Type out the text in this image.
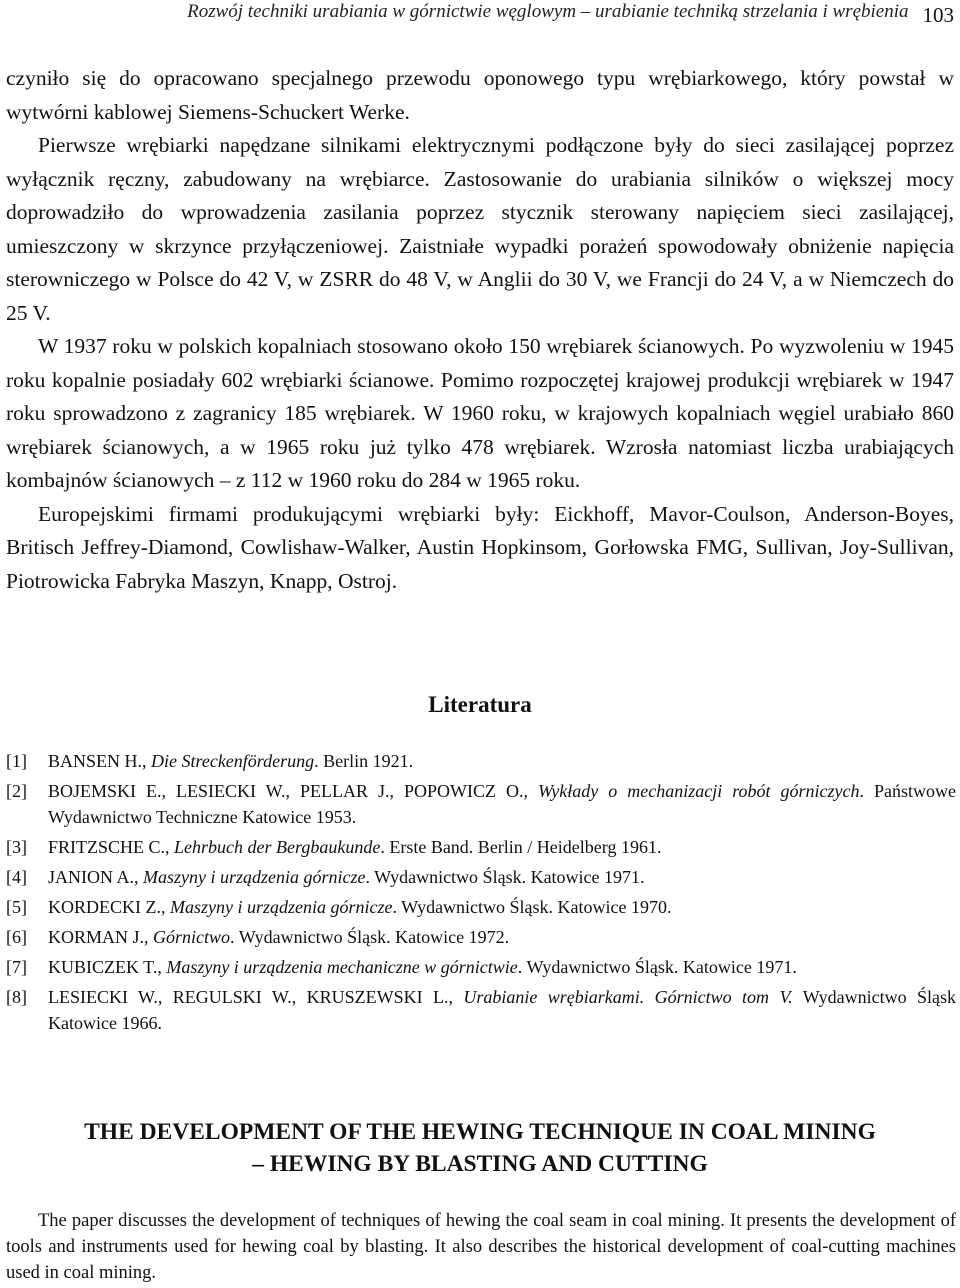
Rozwój techniki urabiania w górnictwie węglowym – urabianie techniką strzelania i wrębienia 103

czyniło się do opracowano specjalnego przewodu oponowego typu wrębiarkowego, który powstał w wytwórni kablowej Siemens-Schuckert Werke.

Pierwsze wrębiarki napędzane silnikami elektrycznymi podłączone były do sieci zasilającej poprzez wyłącznik ręczny, zabudowany na wrębiarce. Zastosowanie do urabiania silników o większej mocy doprowadziło do wprowadzenia zasilania poprzez stycznik sterowany napięciem sieci zasilającej, umieszczony w skrzynce przyłączeniowej. Zaistniałe wypadki porażeń spowodowały obniżenie napięcia sterowniczego w Polsce do 42 V, w ZSRR do 48 V, w Anglii do 30 V, we Francji do 24 V, a w Niemczech do 25 V.

W 1937 roku w polskich kopalniach stosowano około 150 wrębiarek ścianowych. Po wyzwoleniu w 1945 roku kopalnie posiadały 602 wrębiarki ścianowe. Pomimo rozpoczętej krajowej produkcji wrębiarek w 1947 roku sprowadzono z zagranicy 185 wrębiarek. W 1960 roku, w krajowych kopalniach węgiel urabiało 860 wrębiarek ścianowych, a w 1965 roku już tylko 478 wrębiarek. Wzrosła natomiast liczba urabiających kombajnów ścianowych – z 112 w 1960 roku do 284 w 1965 roku.

Europejskimi firmami produkującymi wrębiarki były: Eickhoff, Mavor-Coulson, Anderson-Boyes, Britisch Jeffrey-Diamond, Cowlishaw-Walker, Austin Hopkinsom, Gorłowska FMG, Sullivan, Joy-Sullivan, Piotrowicka Fabryka Maszyn, Knapp, Ostroj.

Literatura
[1]	BANSEN H., Die Streckenförderung. Berlin 1921.
[2]	BOJEMSKI E., LESIECKI W., PELLAR J., POPOWICZ O., Wykłady o mechanizacji robót górniczych. Państwowe Wydawnictwo Techniczne Katowice 1953.
[3]	FRITZSCHE C., Lehrbuch der Bergbaukunde. Erste Band. Berlin / Heidelberg 1961.
[4]	JANION A., Maszyny i urządzenia górnicze. Wydawnictwo Śląsk. Katowice 1971.
[5]	KORDECKI Z., Maszyny i urządzenia górnicze. Wydawnictwo Śląsk. Katowice 1970.
[6]	KORMAN J., Górnictwo. Wydawnictwo Śląsk. Katowice 1972.
[7]	KUBICZEK T., Maszyny i urządzenia mechaniczne w górnictwie. Wydawnictwo Śląsk. Katowice 1971.
[8]	LESIECKI W., REGULSKI W., KRUSZEWSKI L., Urabianie wrębiarkami. Górnictwo tom V. Wydawnictwo Śląsk Katowice 1966.
THE DEVELOPMENT OF THE HEWING TECHNIQUE IN COAL MINING
– HEWING BY BLASTING AND CUTTING

The paper discusses the development of techniques of hewing the coal seam in coal mining. It presents the development of tools and instruments used for hewing coal by blasting. It also describes the historical development of coal-cutting machines used in coal mining.
